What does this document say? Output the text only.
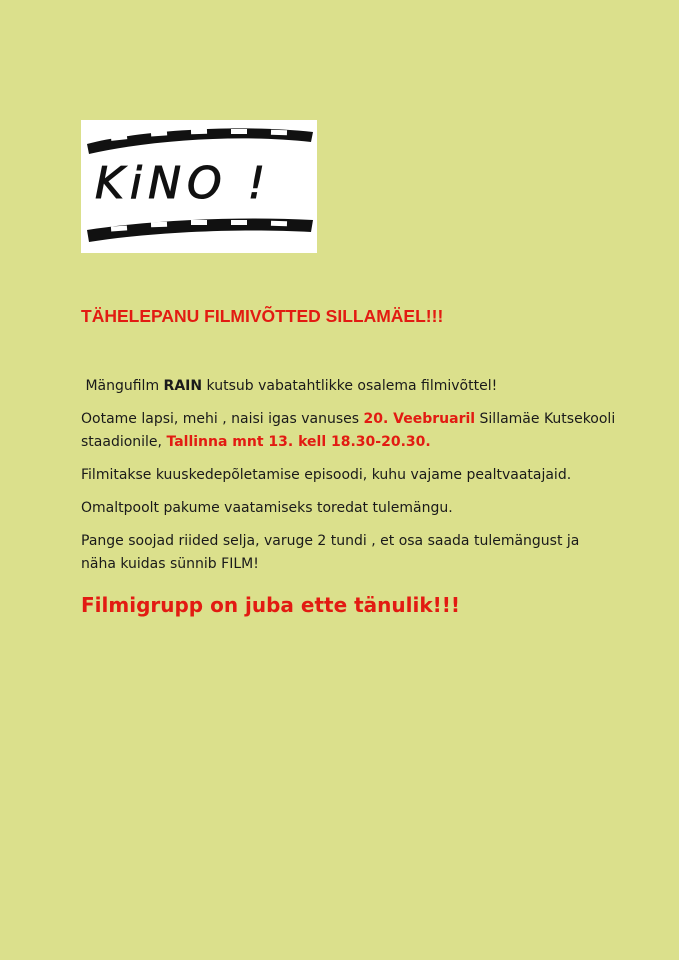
KiNO !
TÄHELEPANU FILMIVÕTTED SILLAMÄEL!!!

Mängufilm RAIN kutsub vabatahtlikke osalema filmivõttel!

Ootame lapsi, mehi , naisi igas vanuses 20. Veebruaril Sillamäe Kutsekooli staadionile, Tallinna mnt 13. kell 18.30-20.30.

Filmitakse kuuskedepõletamise episoodi, kuhu vajame pealtvaatajaid.

Omaltpoolt pakume vaatamiseks toredat tulemängu.

Pange soojad riided selja, varuge 2 tundi , et osa saada tulemängust ja näha kuidas sünnib FILM!

Filmigrupp on juba ette tänulik!!!
